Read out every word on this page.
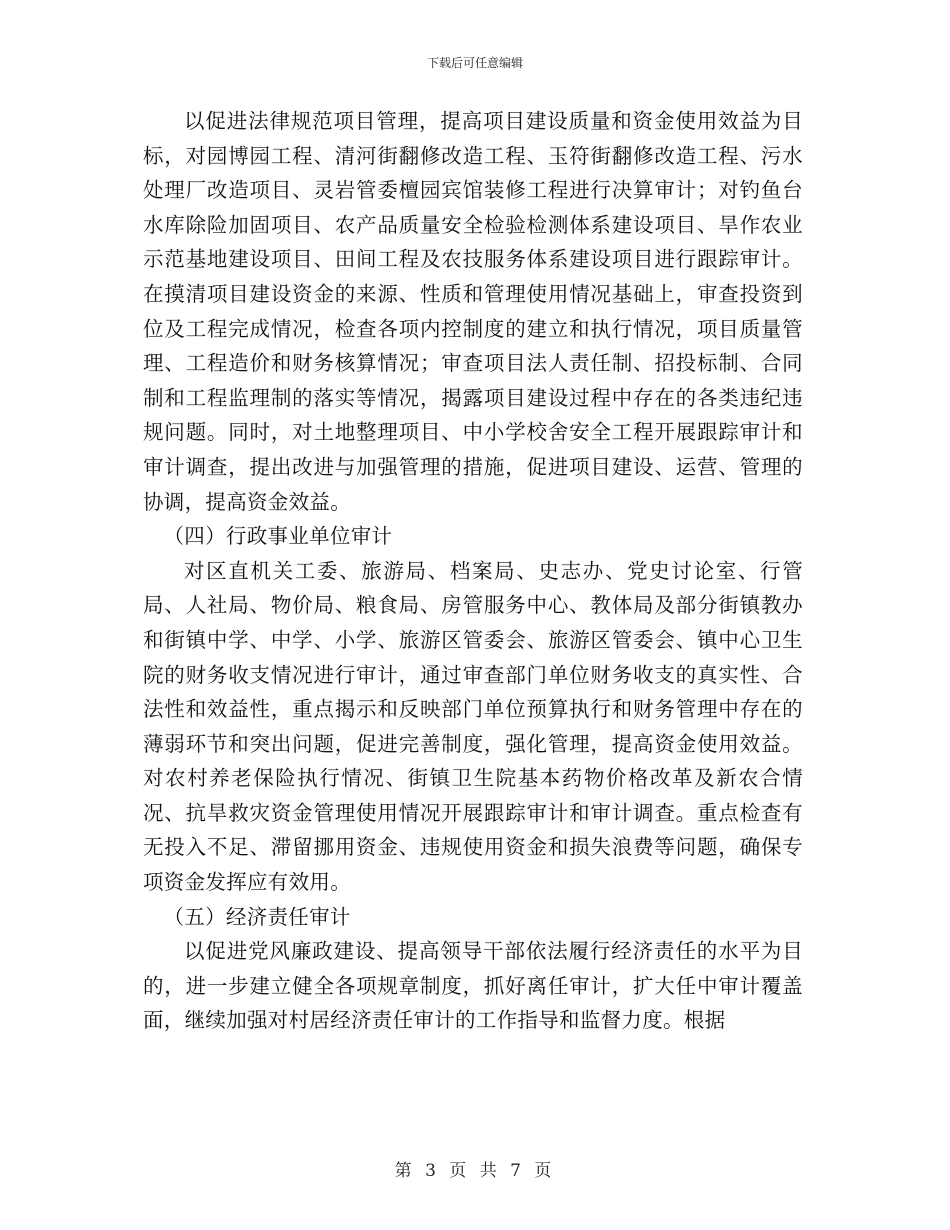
下载后可任意编辑

以促进法律规范项目管理，提高项目建设质量和资金使用效益为目标，对园博园工程、清河街翻修改造工程、玉符街翻修改造工程、污水处理厂改造项目、灵岩管委檀园宾馆装修工程进行决算审计；对钓鱼台水库除险加固项目、农产品质量安全检验检测体系建设项目、旱作农业示范基地建设项目、田间工程及农技服务体系建设项目进行跟踪审计。在摸清项目建设资金的来源、性质和管理使用情况基础上，审查投资到位及工程完成情况，检查各项内控制度的建立和执行情况，项目质量管理、工程造价和财务核算情况；审查项目法人责任制、招投标制、合同制和工程监理制的落实等情况，揭露项目建设过程中存在的各类违纪违规问题。同时，对土地整理项目、中小学校舍安全工程开展跟踪审计和审计调查，提出改进与加强管理的措施，促进项目建设、运营、管理的协调，提高资金效益。

（四）行政事业单位审计

对区直机关工委、旅游局、档案局、史志办、党史讨论室、行管局、人社局、物价局、粮食局、房管服务中心、教体局及部分街镇教办和街镇中学、中学、小学、旅游区管委会、旅游区管委会、镇中心卫生院的财务收支情况进行审计，通过审查部门单位财务收支的真实性、合法性和效益性，重点揭示和反映部门单位预算执行和财务管理中存在的薄弱环节和突出问题，促进完善制度，强化管理，提高资金使用效益。对农村养老保险执行情况、街镇卫生院基本药物价格改革及新农合情况、抗旱救灾资金管理使用情况开展跟踪审计和审计调查。重点检查有无投入不足、滞留挪用资金、违规使用资金和损失浪费等问题，确保专项资金发挥应有效用。

（五）经济责任审计

以促进党风廉政建设、提高领导干部依法履行经济责任的水平为目的，进一步建立健全各项规章制度，抓好离任审计，扩大任中审计覆盖面，继续加强对村居经济责任审计的工作指导和监督力度。根据

第 3 页 共 7 页
